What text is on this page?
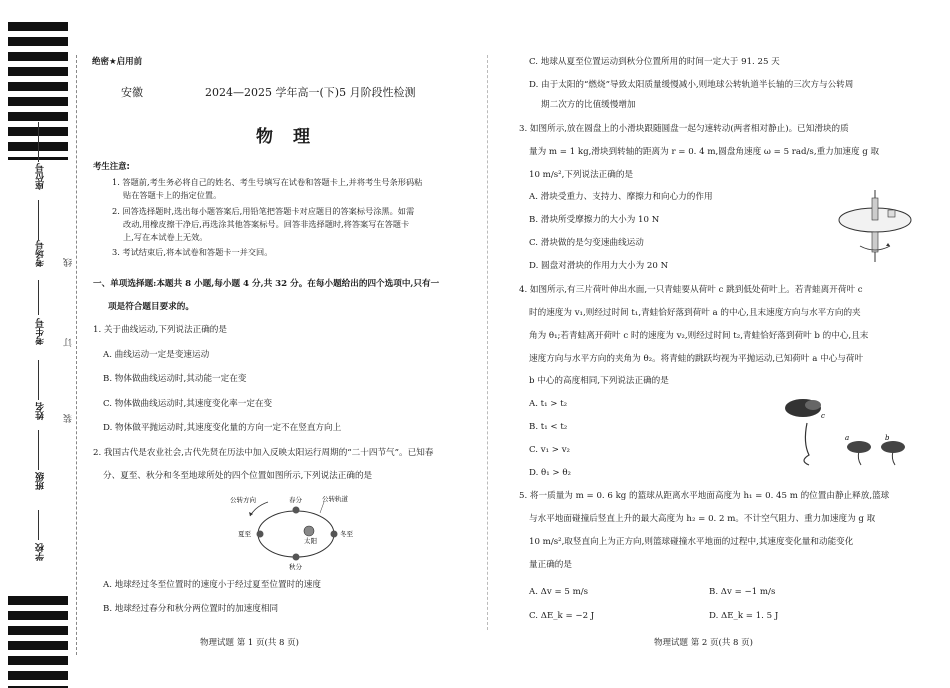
座位号
考场号
考生号
姓名
班级
学校
线
订
装
绝密★启用前
安徽	2024—2025 学年高一(下)5 月阶段性检测
物理
考生注意:
1. 答题前,考生务必将自己的姓名、考生号填写在试卷和答题卡上,并将考生号条形码粘
贴在答题卡上的指定位置。
2. 回答选择题时,选出每小题答案后,用铅笔把答题卡对应题目的答案标号涂黑。如需
改动,用橡皮擦干净后,再选涂其他答案标号。回答非选择题时,将答案写在答题卡
上,写在本试卷上无效。
3. 考试结束后,将本试卷和答题卡一并交回。
一、单项选择题:本题共 8 小题,每小题 4 分,共 32 分。在每小题给出的四个选项中,只有一
项是符合题目要求的。
1. 关于曲线运动,下列说法正确的是
A. 曲线运动一定是变速运动
B. 物体做曲线运动时,其动能一定在变
C. 物体做曲线运动时,其速度变化率一定在变
D. 物体做平抛运动时,其速度变化量的方向一定不在竖直方向上
2. 我国古代是农业社会,古代先贤在历法中加入反映太阳运行周期的“二十四节气”。已知春
分、夏至、秋分和冬至地球所处的四个位置如图所示,下列说法正确的是
公转方向	公转轨道
春分
夏至	冬至
太阳
秋分
A. 地球经过冬至位置时的速度小于经过夏至位置时的速度
B. 地球经过春分和秋分两位置时的加速度相同
物理试题 第 1 页(共 8 页)
C. 地球从夏至位置运动到秋分位置所用的时间一定大于 91. 25 天
D. 由于太阳的“燃烧”导致太阳质量缓慢减小,则地球公转轨道半长轴的三次方与公转周
期二次方的比值缓慢增加
3. 如图所示,放在圆盘上的小滑块跟随圆盘一起匀速转动(两者相对静止)。已知滑块的质
量为 m = 1 kg,滑块到转轴的距离为 r = 0. 4 m,圆盘角速度 ω = 5 rad/s,重力加速度 g 取
10 m/s²,下列说法正确的是
A. 滑块受重力、支持力、摩擦力和向心力的作用
B. 滑块所受摩擦力的大小为 10 N
C. 滑块做的是匀变速曲线运动
D. 圆盘对滑块的作用力大小为 20 N
4. 如图所示,有三片荷叶伸出水面,一只青蛙要从荷叶 c 跳到低处荷叶上。若青蛙离开荷叶 c
时的速度为 v₁,则经过时间 t₁,青蛙恰好落到荷叶 a 的中心,且末速度方向与水平方向的夹
角为 θ₁;若青蛙离开荷叶 c 时的速度为 v₂,则经过时间 t₂,青蛙恰好落到荷叶 b 的中心,且末
速度方向与水平方向的夹角为 θ₂。将青蛙的跳跃均视为平抛运动,已知荷叶 a 中心与荷叶
b 中心的高度相同,下列说法正确的是
A. t₁ > t₂
B. t₁ < t₂
C. v₁ > v₂
D. θ₁ > θ₂
c
a	b
5. 将一质量为 m = 0. 6 kg 的篮球从距离水平地面高度为 h₁ = 0. 45 m 的位置由静止释放,篮球
与水平地面碰撞后竖直上升的最大高度为 h₂ = 0. 2 m。不计空气阻力、重力加速度为 g 取
10 m/s²,取竖直向上为正方向,则篮球碰撞水平地面的过程中,其速度变化量和动能变化
量正确的是
A. Δv = 5 m/s	B. Δv = −1 m/s
C. ΔE_k = −2 J	D. ΔE_k = 1. 5 J
物理试题 第 2 页(共 8 页)
